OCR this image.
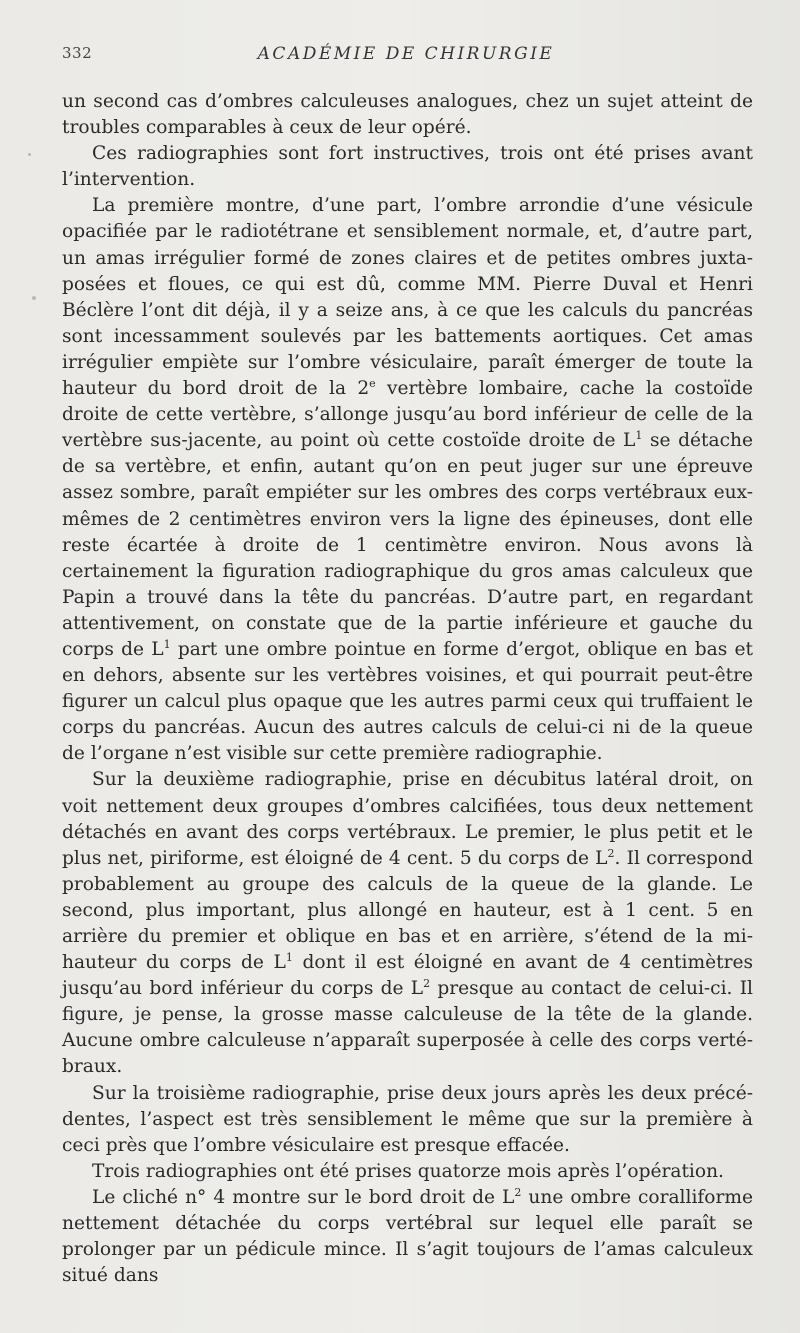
332	ACADÉMIE DE CHIRURGIE

un second cas d’ombres calculeuses analogues, chez un sujet atteint de troubles comparables à ceux de leur opéré.

Ces radiographies sont fort instructives, trois ont été prises avant l’intervention.

La première montre, d’une part, l’ombre arrondie d’une vésicule opacifiée par le radiotétrane et sensiblement normale, et, d’autre part, un amas irrégulier formé de zones claires et de petites ombres juxta-posées et floues, ce qui est dû, comme MM. Pierre Duval et Henri Béclère l’ont dit déjà, il y a seize ans, à ce que les calculs du pancréas sont incessamment soulevés par les battements aortiques. Cet amas irrégulier empiète sur l’ombre vésiculaire, paraît émerger de toute la hauteur du bord droit de la 2e vertèbre lombaire, cache la costoïde droite de cette vertèbre, s’allonge jusqu’au bord inférieur de celle de la vertèbre sus-jacente, au point où cette costoïde droite de $L^1$ se détache de sa vertèbre, et enfin, autant qu’on en peut juger sur une épreuve assez sombre, paraît empiéter sur les ombres des corps vertébraux eux-mêmes de 2 centimètres environ vers la ligne des épineuses, dont elle reste écartée à droite de 1 centimètre environ. Nous avons là certainement la figuration radiographique du gros amas calculeux que Papin a trouvé dans la tête du pancréas. D’autre part, en regardant attentivement, on constate que de la partie inférieure et gauche du corps de $L^1$ part une ombre pointue en forme d’ergot, oblique en bas et en dehors, absente sur les vertèbres voisines, et qui pourrait peut-être figurer un calcul plus opaque que les autres parmi ceux qui truffaient le corps du pancréas. Aucun des autres calculs de celui-ci ni de la queue de l’organe n’est visible sur cette première radiographie.

Sur la deuxième radiographie, prise en décubitus latéral droit, on voit nettement deux groupes d’ombres calcifiées, tous deux nettement détachés en avant des corps vertébraux. Le premier, le plus petit et le plus net, piriforme, est éloigné de 4 cent. 5 du corps de $L^2$. Il correspond probablement au groupe des calculs de la queue de la glande. Le second, plus important, plus allongé en hauteur, est à 1 cent. 5 en arrière du premier et oblique en bas et en arrière, s’étend de la mi-hauteur du corps de $L^1$ dont il est éloigné en avant de 4 centimètres jusqu’au bord inférieur du corps de $L^2$ presque au contact de celui-ci. Il figure, je pense, la grosse masse calculeuse de la tête de la glande. Aucune ombre calculeuse n’apparaît superposée à celle des corps verté-braux.

Sur la troisième radiographie, prise deux jours après les deux précé-dentes, l’aspect est très sensiblement le même que sur la première à ceci près que l’ombre vésiculaire est presque effacée.

Trois radiographies ont été prises quatorze mois après l’opération.

Le cliché n° 4 montre sur le bord droit de $L^2$ une ombre coralliforme nettement détachée du corps vertébral sur lequel elle paraît se prolonger par un pédicule mince. Il s’agit toujours de l’amas calculeux situé dans
